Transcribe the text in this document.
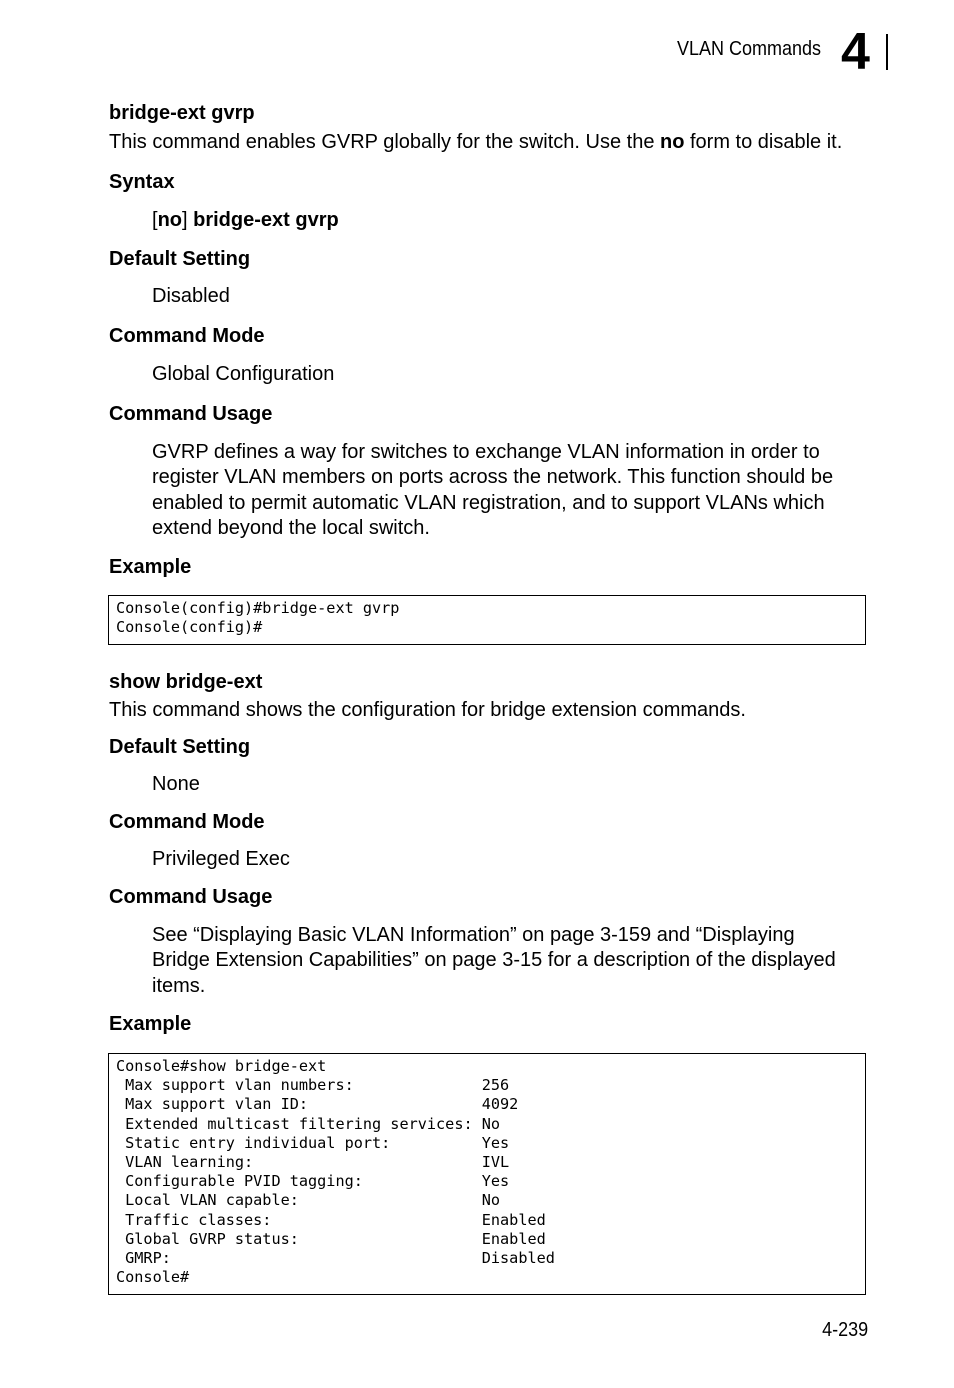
VLAN Commands 4
bridge-ext gvrp

This command enables GVRP globally for the switch. Use the no form to disable it.

Syntax

[no] bridge-ext gvrp

Default Setting

Disabled

Command Mode

Global Configuration

Command Usage
GVRP defines a way for switches to exchange VLAN information in order to
register VLAN members on ports across the network. This function should be
enabled to permit automatic VLAN registration, and to support VLANs which
extend beyond the local switch.
Example
Console(config)#bridge-ext gvrp
Console(config)#
show bridge-ext

This command shows the configuration for bridge extension commands.

Default Setting

None

Command Mode

Privileged Exec

Command Usage
See “Displaying Basic VLAN Information” on page 3-159 and “Displaying
Bridge Extension Capabilities” on page 3-15 for a description of the displayed
items.
Example
Console#show bridge-ext
Max support vlan numbers:              256
Max support vlan ID:                   4092
Extended multicast filtering services: No
Static entry individual port:          Yes
VLAN learning:                         IVL
Configurable PVID tagging:             Yes
Local VLAN capable:                    No
Traffic classes:                       Enabled
Global GVRP status:                    Enabled
GMRP:                                  Disabled
Console#
4-239
